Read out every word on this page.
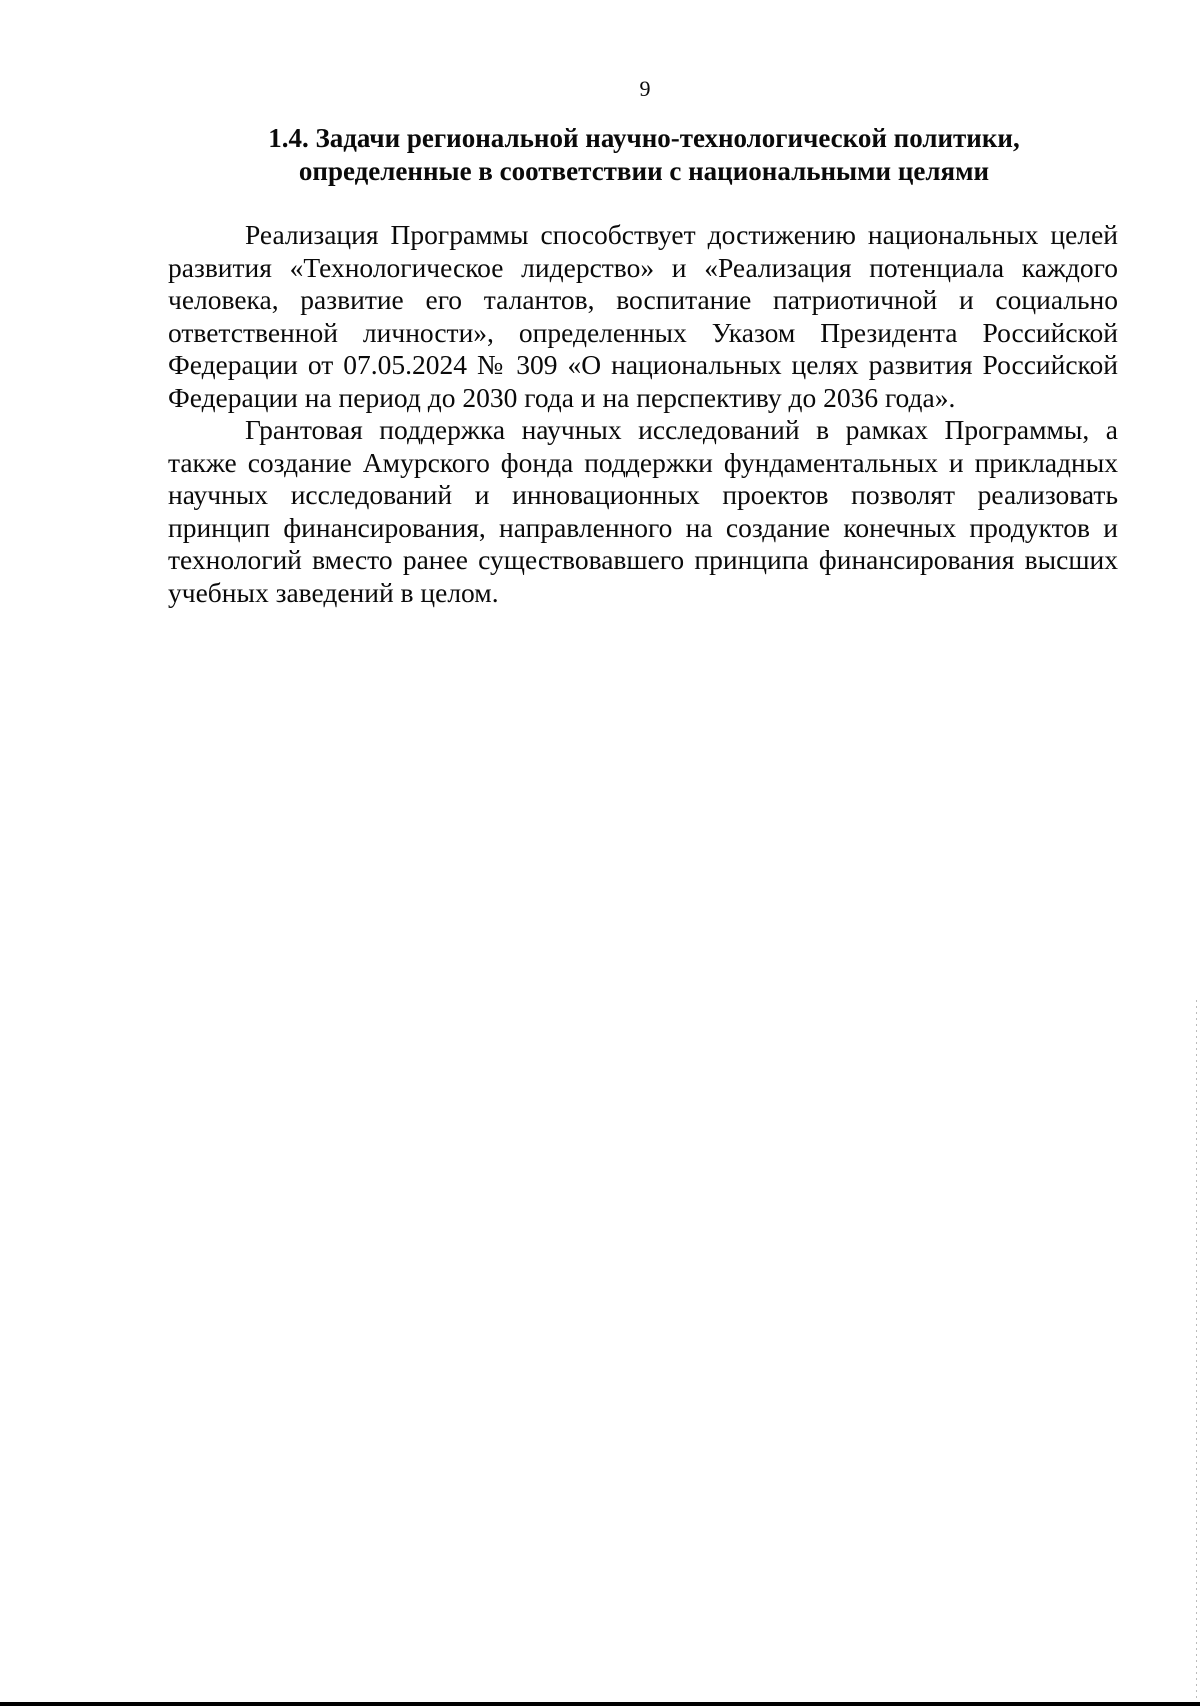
9
1.4. Задачи региональной научно-технологической политики,
определенные в соответствии с национальными целями

Реализация Программы способствует достижению национальных целей развития «Технологическое лидерство» и «Реализация потенциала каждого человека, развитие его талантов, воспитание патриотичной и социально ответственной личности», определенных Указом Президента Российской Федерации от 07.05.2024 № 309 «О национальных целях развития Российской Федерации на период до 2030 года и на перспективу до 2036 года».

Грантовая поддержка научных исследований в рамках Программы, а также создание Амурского фонда поддержки фундаментальных и прикладных научных исследований и инновационных проектов позволят реализовать принцип финансирования, направленного на создание конечных продуктов и технологий вместо ранее существовавшего принципа финансирования высших учебных заведений в целом.
